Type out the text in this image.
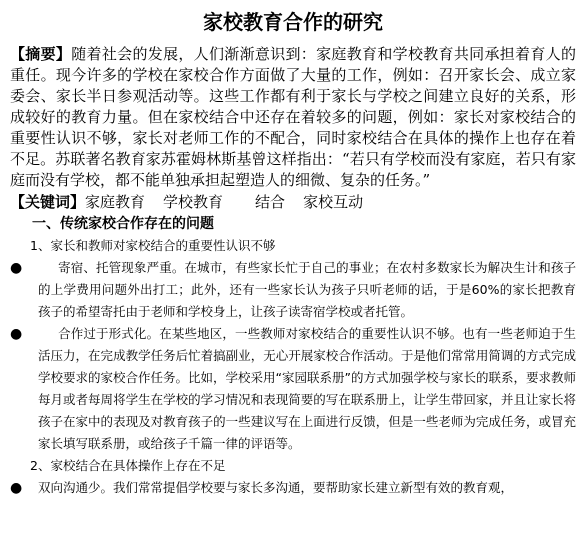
家校教育合作的研究

【摘要】随着社会的发展，人们渐渐意识到：家庭教育和学校教育共同承担着育人的重任。现今许多的学校在家校合作方面做了大量的工作，例如：召开家长会、成立家委会、家长半日参观活动等。这些工作都有利于家长与学校之间建立良好的关系，形成较好的教育力量。但在家校结合中还存在着较多的问题，例如：家长对家校结合的重要性认识不够，家长对老师工作的不配合，同时家校结合在具体的操作上也存在着不足。苏联著名教育家苏霍姆林斯基曾这样指出：“若只有学校而没有家庭，若只有家庭而没有学校，都不能单独承担起塑造人的细微、复杂的任务。”

【关键词】家庭教育 学校教育 结合 家校互动

一、传统家校合作存在的问题
1、家长和教师对家校结合的重要性认识不够
●	寄宿、托管现象严重。在城市，有些家长忙于自己的事业；在农村多数家长为解决生计和孩子的上学费用问题外出打工；此外，还有一些家长认为孩子只听老师的话，于是60%的家长把教育孩子的希望寄托由于老师和学校身上，让孩子读寄宿学校或者托管。
●	合作过于形式化。在某些地区，一些教师对家校结合的重要性认识不够。也有一些老师迫于生活压力，在完成教学任务后忙着搞副业，无心开展家校合作活动。于是他们常常用简调的方式完成学校要求的家校合作任务。比如，学校采用“家园联系册”的方式加强学校与家长的联系，要求教师每月或者每周将学生在学校的学习情况和表现简要的写在联系册上，让学生带回家，并且让家长将孩子在家中的表现及对教育孩子的一些建议写在上面进行反馈，但是一些老师为完成任务，或冒充家长填写联系册，或给孩子千篇一律的评语等。
2、家校结合在具体操作上存在不足
●	双向沟通少。我们常常提倡学校要与家长多沟通，要帮助家长建立新型有效的教育观，
